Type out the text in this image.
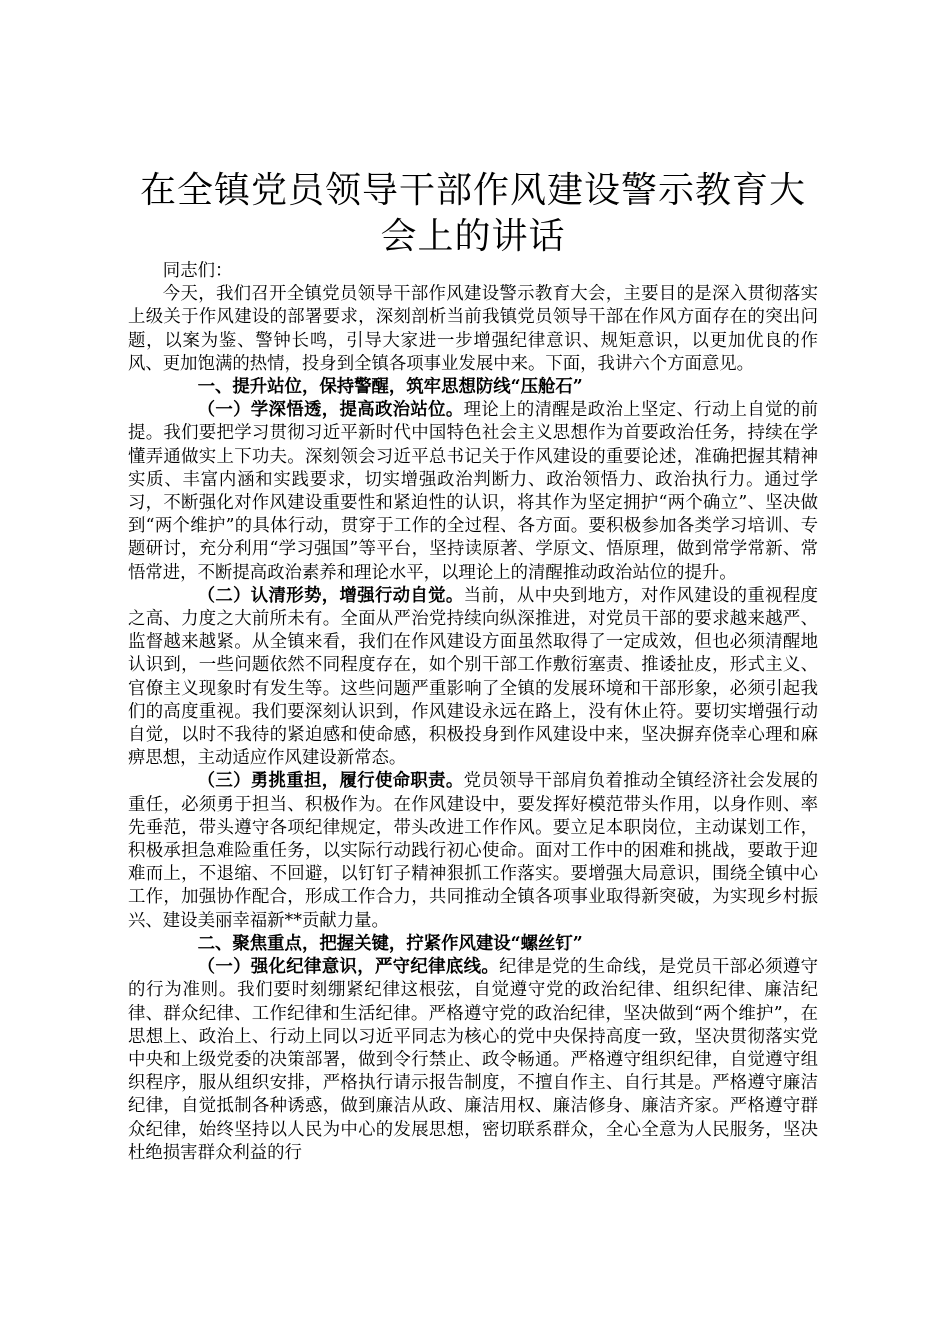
在全镇党员领导干部作风建设警示教育大会上的讲话

同志们：

今天，我们召开全镇党员领导干部作风建设警示教育大会，主要目的是深入贯彻落实上级关于作风建设的部署要求，深刻剖析当前我镇党员领导干部在作风方面存在的突出问题，以案为鉴、警钟长鸣，引导大家进一步增强纪律意识、规矩意识，以更加优良的作风、更加饱满的热情，投身到全镇各项事业发展中来。下面，我讲六个方面意见。

一、提升站位，保持警醒，筑牢思想防线“压舱石”

（一）学深悟透，提高政治站位。理论上的清醒是政治上坚定、行动上自觉的前提。我们要把学习贯彻习近平新时代中国特色社会主义思想作为首要政治任务，持续在学懂弄通做实上下功夫。深刻领会习近平总书记关于作风建设的重要论述，准确把握其精神实质、丰富内涵和实践要求，切实增强政治判断力、政治领悟力、政治执行力。通过学习，不断强化对作风建设重要性和紧迫性的认识，将其作为坚定拥护“两个确立”、坚决做到“两个维护”的具体行动，贯穿于工作的全过程、各方面。要积极参加各类学习培训、专题研讨，充分利用“学习强国”等平台，坚持读原著、学原文、悟原理，做到常学常新、常悟常进，不断提高政治素养和理论水平，以理论上的清醒推动政治站位的提升。

（二）认清形势，增强行动自觉。当前，从中央到地方，对作风建设的重视程度之高、力度之大前所未有。全面从严治党持续向纵深推进，对党员干部的要求越来越严、监督越来越紧。从全镇来看，我们在作风建设方面虽然取得了一定成效，但也必须清醒地认识到，一些问题依然不同程度存在，如个别干部工作敷衍塞责、推诿扯皮，形式主义、官僚主义现象时有发生等。这些问题严重影响了全镇的发展环境和干部形象，必须引起我们的高度重视。我们要深刻认识到，作风建设永远在路上，没有休止符。要切实增强行动自觉，以时不我待的紧迫感和使命感，积极投身到作风建设中来，坚决摒弃侥幸心理和麻痹思想，主动适应作风建设新常态。

（三）勇挑重担，履行使命职责。党员领导干部肩负着推动全镇经济社会发展的重任，必须勇于担当、积极作为。在作风建设中，要发挥好模范带头作用，以身作则、率先垂范，带头遵守各项纪律规定，带头改进工作作风。要立足本职岗位，主动谋划工作，积极承担急难险重任务，以实际行动践行初心使命。面对工作中的困难和挑战，要敢于迎难而上，不退缩、不回避，以钉钉子精神狠抓工作落实。要增强大局意识，围绕全镇中心工作，加强协作配合，形成工作合力，共同推动全镇各项事业取得新突破，为实现乡村振兴、建设美丽幸福新**贡献力量。

二、聚焦重点，把握关键，拧紧作风建设“螺丝钉”

（一）强化纪律意识，严守纪律底线。纪律是党的生命线，是党员干部必须遵守的行为准则。我们要时刻绷紧纪律这根弦，自觉遵守党的政治纪律、组织纪律、廉洁纪律、群众纪律、工作纪律和生活纪律。严格遵守党的政治纪律，坚决做到“两个维护”，在思想上、政治上、行动上同以习近平同志为核心的党中央保持高度一致，坚决贯彻落实党中央和上级党委的决策部署，做到令行禁止、政令畅通。严格遵守组织纪律，自觉遵守组织程序，服从组织安排，严格执行请示报告制度，不擅自作主、自行其是。严格遵守廉洁纪律，自觉抵制各种诱惑，做到廉洁从政、廉洁用权、廉洁修身、廉洁齐家。严格遵守群众纪律，始终坚持以人民为中心的发展思想，密切联系群众，全心全意为人民服务，坚决杜绝损害群众利益的行
